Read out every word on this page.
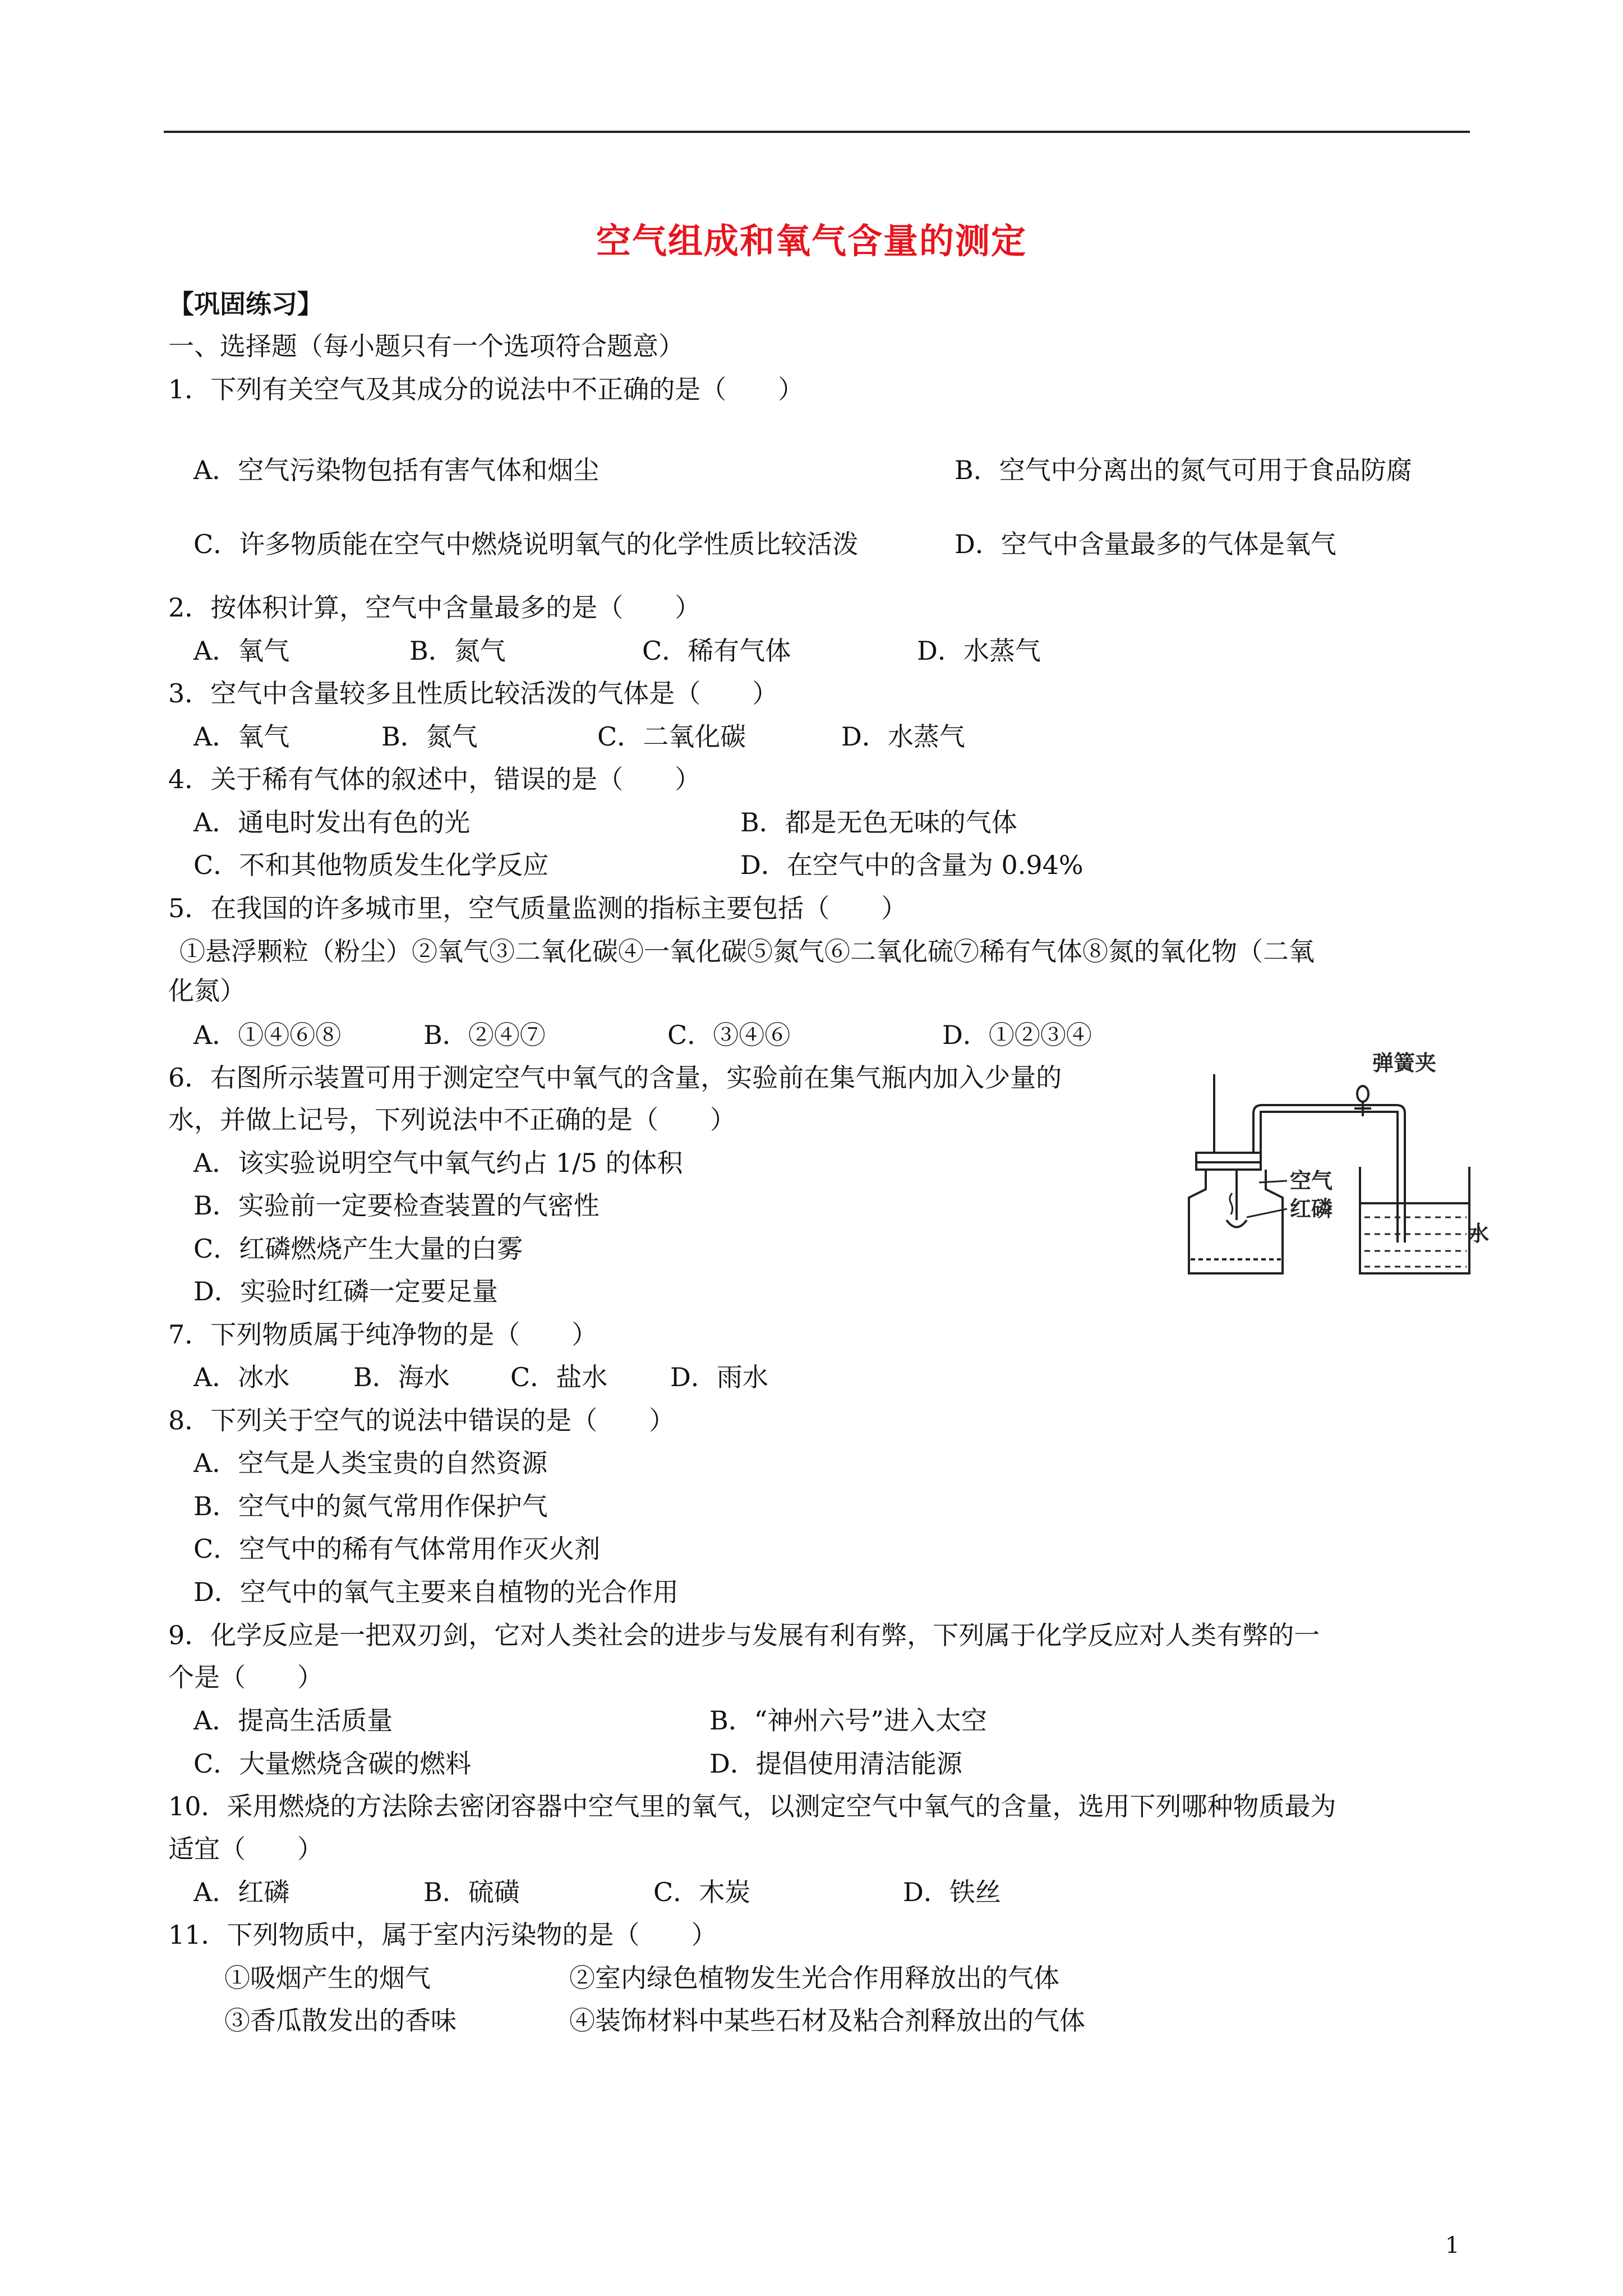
空气组成和氧气含量的测定
【巩固练习】
一、选择题（每小题只有一个选项符合题意）
1．下列有关空气及其成分的说法中不正确的是（　　）
A．空气污染物包括有害气体和烟尘	B．空气中分离出的氮气可用于食品防腐
C．许多物质能在空气中燃烧说明氧气的化学性质比较活泼	D．空气中含量最多的气体是氧气
2．按体积计算，空气中含量最多的是（　　）
A．氧气	B．氮气	C．稀有气体	D．水蒸气
3．空气中含量较多且性质比较活泼的气体是（　　）
A．氧气	B．氮气	C．二氧化碳	D．水蒸气
4．关于稀有气体的叙述中，错误的是（　　）
A．通电时发出有色的光	B．都是无色无味的气体
C．不和其他物质发生化学反应	D．在空气中的含量为 0.94%
5．在我国的许多城市里，空气质量监测的指标主要包括（　　）
①悬浮颗粒（粉尘）②氧气③二氧化碳④一氧化碳⑤氮气⑥二氧化硫⑦稀有气体⑧氮的氧化物（二氧
化氮）
A．①④⑥⑧	B．②④⑦	C．③④⑥	D．①②③④
6．右图所示装置可用于测定空气中氧气的含量，实验前在集气瓶内加入少量的
水，并做上记号，下列说法中不正确的是（　　）
A．该实验说明空气中氧气约占 1/5 的体积
B．实验前一定要检查装置的气密性
C．红磷燃烧产生大量的白雾
D．实验时红磷一定要足量
弹簧夹
空气
红磷
水
7．下列物质属于纯净物的是（　　）
A．冰水 B．海水 C．盐水 D．雨水
8．下列关于空气的说法中错误的是（　　）
A．空气是人类宝贵的自然资源
B．空气中的氮气常用作保护气
C．空气中的稀有气体常用作灭火剂
D．空气中的氧气主要来自植物的光合作用
9．化学反应是一把双刃剑，它对人类社会的进步与发展有利有弊，下列属于化学反应对人类有弊的一
个是（　　）
A．提高生活质量	B．“神州六号”进入太空
C．大量燃烧含碳的燃料	D．提倡使用清洁能源
10．采用燃烧的方法除去密闭容器中空气里的氧气，以测定空气中氧气的含量，选用下列哪种物质最为
适宜（　　）
A．红磷	B．硫磺	C．木炭	D．铁丝
11．下列物质中，属于室内污染物的是（　　）
①吸烟产生的烟气	②室内绿色植物发生光合作用释放出的气体
③香瓜散发出的香味	④装饰材料中某些石材及粘合剂释放出的气体
1
